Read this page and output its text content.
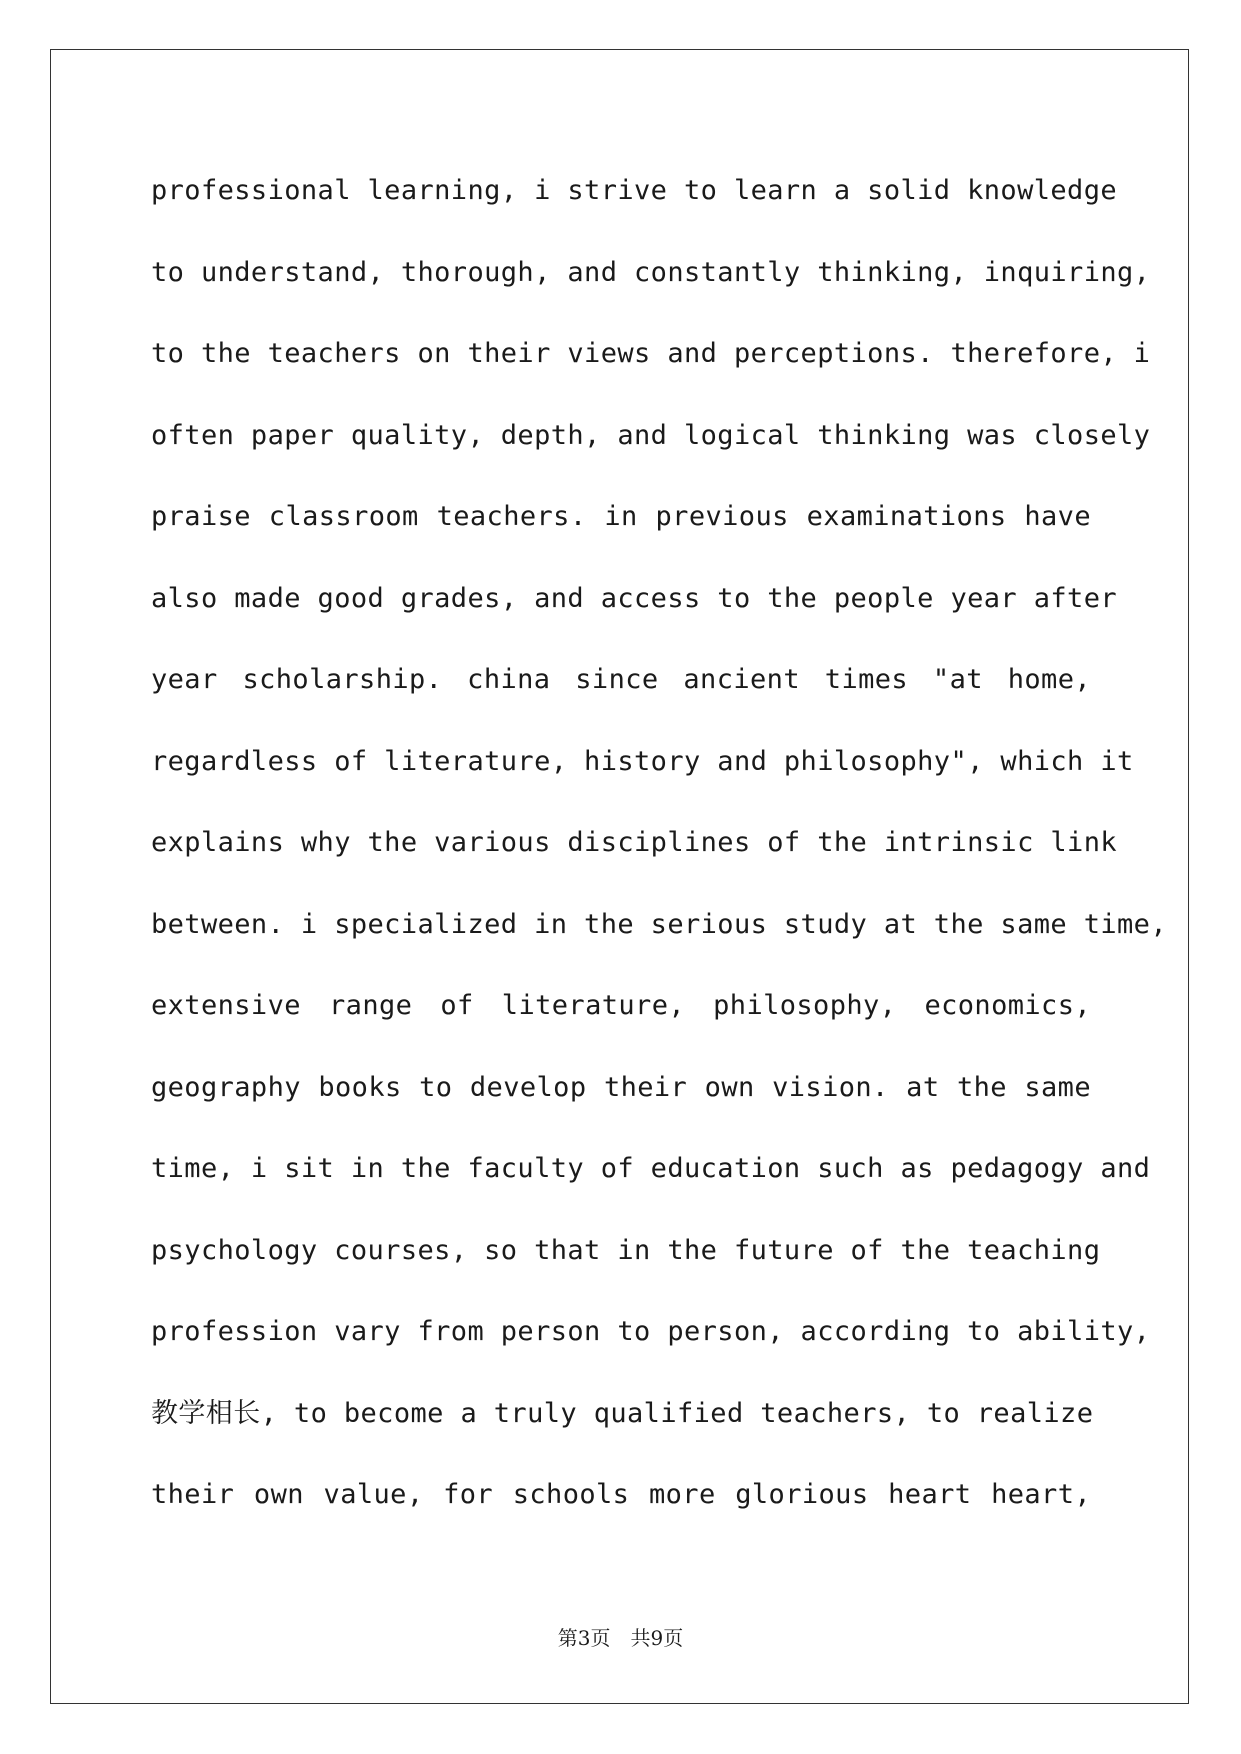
professional learning, i strive to learn a solid knowledge
to understand, thorough, and constantly thinking, inquiring,
to the teachers on their views and perceptions. therefore, i
often paper quality, depth, and logical thinking was closely
praise classroom teachers. in previous examinations have
also made good grades, and access to the people year after
year scholarship. china since ancient times "at home,
regardless of literature, history and philosophy", which it
explains why the various disciplines of the intrinsic link
between. i specialized in the serious study at the same time,
extensive range of literature, philosophy, economics,
geography books to develop their own vision. at the same
time, i sit in the faculty of education such as pedagogy and
psychology courses, so that in the future of the teaching
profession vary from person to person, according to ability,
教学相长, to become a truly qualified teachers, to realize
their own value, for schools more glorious heart heart,
第3页 共9页
